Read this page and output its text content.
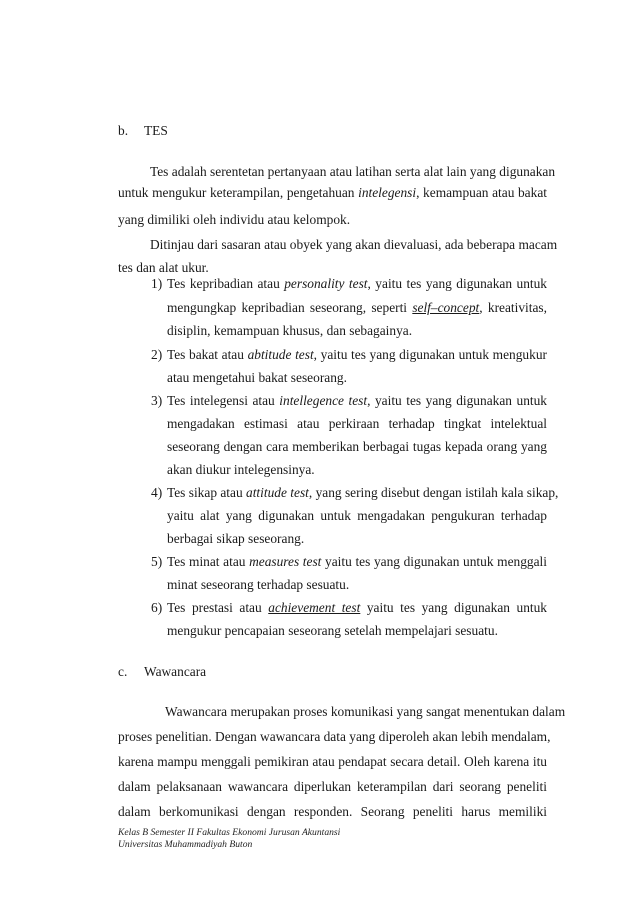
b. TES
Tes adalah serentetan pertanyaan atau latihan serta alat lain yang digunakan
untuk mengukur keterampilan, pengetahuan intelegensi, kemampuan atau bakat
yang dimiliki oleh individu atau kelompok.
Ditinjau dari sasaran atau obyek yang akan dievaluasi, ada beberapa macam
tes dan alat ukur.
1) Tes kepribadian atau personality test, yaitu tes yang digunakan untuk
mengungkap kepribadian seseorang, seperti self–concept, kreativitas,
disiplin, kemampuan khusus, dan sebagainya.
2) Tes bakat atau abtitude test, yaitu tes yang digunakan untuk mengukur
atau mengetahui bakat seseorang.
3) Tes intelegensi atau intellegence test, yaitu tes yang digunakan untuk
mengadakan estimasi atau perkiraan terhadap tingkat intelektual
seseorang dengan cara memberikan berbagai tugas kepada orang yang
akan diukur intelegensinya.
4) Tes sikap atau attitude test, yang sering disebut dengan istilah kala sikap,
yaitu alat yang digunakan untuk mengadakan pengukuran terhadap
berbagai sikap seseorang.
5) Tes minat atau measures test yaitu tes yang digunakan untuk menggali
minat seseorang terhadap sesuatu.
6) Tes prestasi atau achievement test yaitu tes yang digunakan untuk
mengukur pencapaian seseorang setelah mempelajari sesuatu.
c. Wawancara
Wawancara merupakan proses komunikasi yang sangat menentukan dalam
proses penelitian. Dengan wawancara data yang diperoleh akan lebih mendalam,
karena mampu menggali pemikiran atau pendapat secara detail. Oleh karena itu
dalam pelaksanaan wawancara diperlukan keterampilan dari seorang peneliti
dalam berkomunikasi dengan responden. Seorang peneliti harus memiliki
Kelas B Semester II Fakultas Ekonomi Jurusan Akuntansi
Universitas Muhammadiyah Buton
